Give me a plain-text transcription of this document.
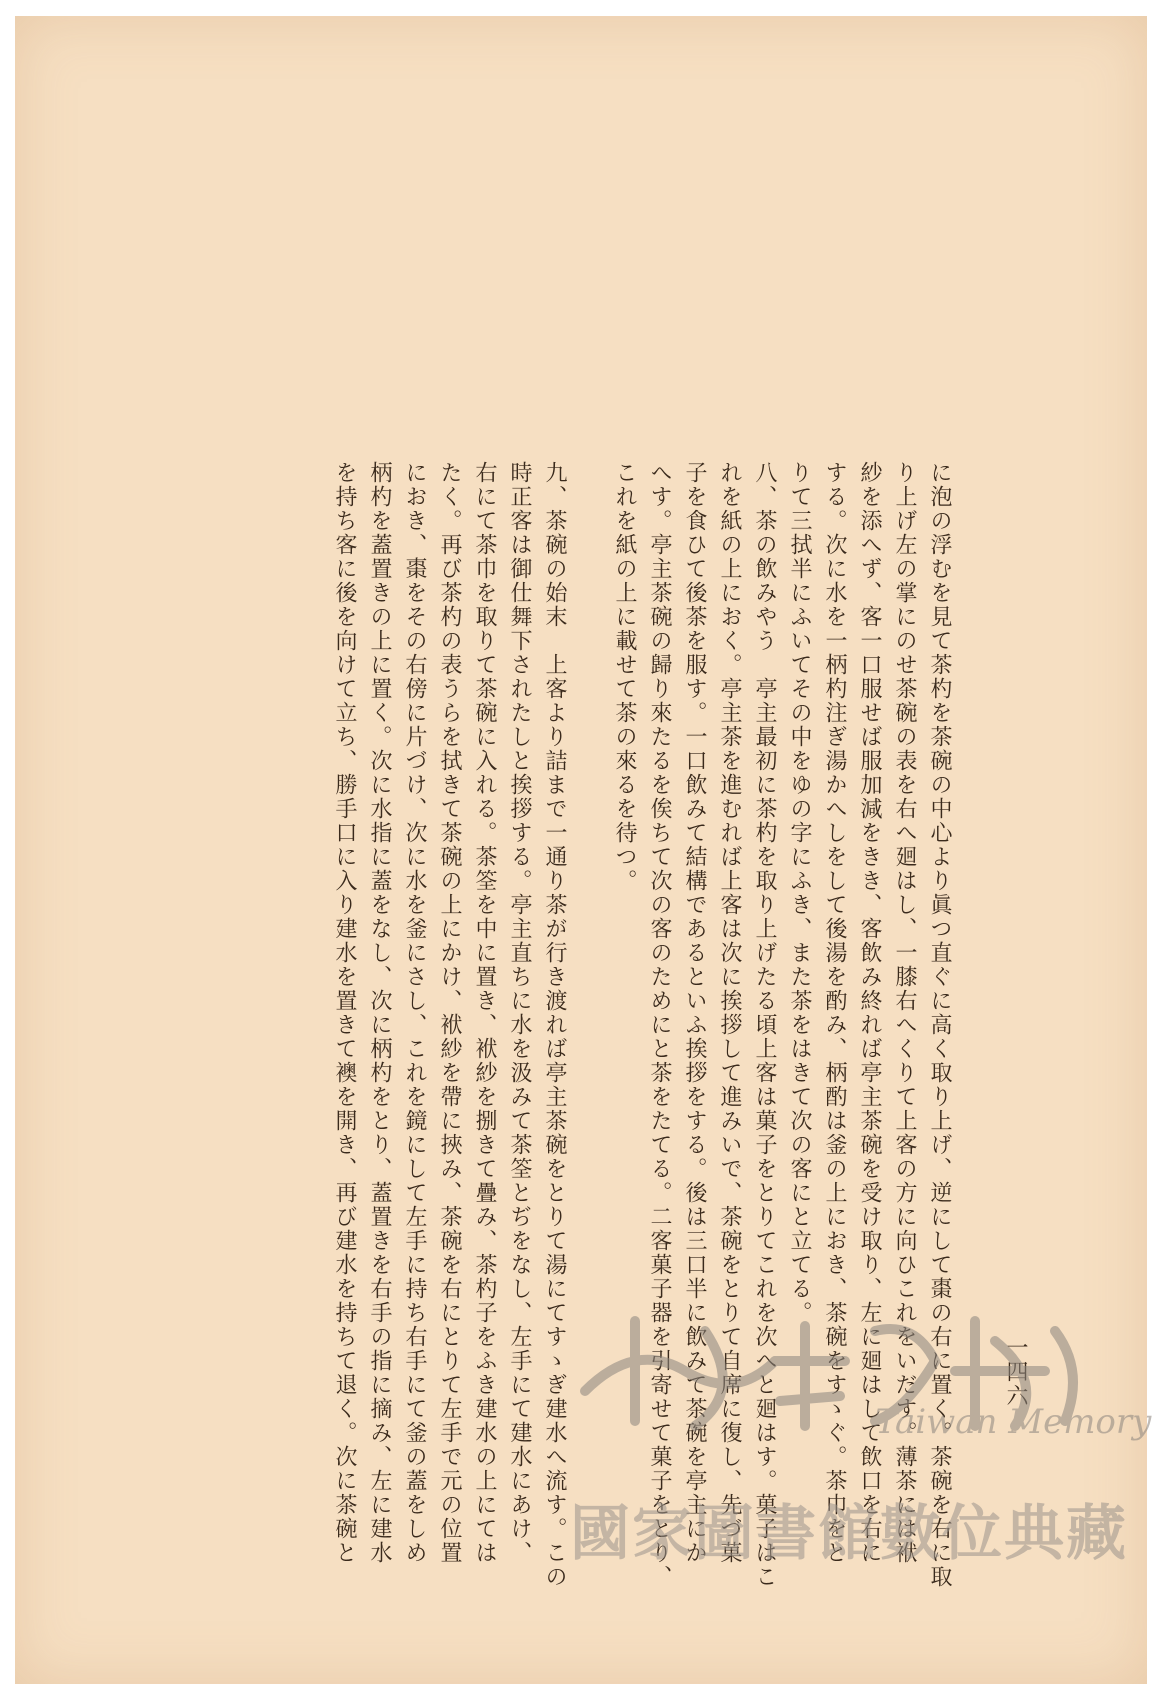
に泡の浮むを見て茶杓を茶碗の中心より眞つ直ぐに高く取り上げ、逆にして棗の右に置く。茶碗を右に取
り上げ左の掌にのせ茶碗の表を右へ廻はし、一膝右へくりて上客の方に向ひこれをいだす。薄茶には袱
紗を添へず、客一口服せば服加減をきき、客飲み終れば亭主茶碗を受け取り、左に廻はして飲口を右に
する。次に水を一柄杓注ぎ湯かへしをして後湯を酌み、柄酌は釜の上におき、茶碗をすゝぐ。茶巾をと
りて三拭半にふいてその中をゆの字にふき、また茶をはきて次の客にと立てる。
八、茶の飲みやう　亭主最初に茶杓を取り上げたる頃上客は菓子をとりてこれを次へと廻はす。菓子はこ
れを紙の上におく。亭主茶を進むれば上客は次に挨拶して進みいで、茶碗をとりて自席に復し、先づ菓
子を食ひて後茶を服す。一口飲みて結構であるといふ挨拶をする。後は三口半に飲みて茶碗を亭主にか
へす。亭主茶碗の歸り來たるを俟ちて次の客のためにと茶をたてる。二客菓子器を引寄せて菓子をとり、
これを紙の上に載せて茶の來るを待つ。

九、茶碗の始末　上客より詰まで一通り茶が行き渡れば亭主茶碗をとりて湯にてすゝぎ建水へ流す。この
時正客は御仕舞下されたしと挨拶する。亭主直ちに水を汲みて茶筌とぢをなし、左手にて建水にあけ、
右にて茶巾を取りて茶碗に入れる。茶筌を中に置き、袱紗を捌きて疊み、茶杓子をふき建水の上にては
たく。再び茶杓の表うらを拭きて茶碗の上にかけ、袱紗を帶に挾み、茶碗を右にとりて左手で元の位置
におき、棗をその右傍に片づけ、次に水を釜にさし、これを鏡にして左手に持ち右手にて釜の蓋をしめ
柄杓を蓋置きの上に置く。次に水指に蓋をなし、次に柄杓をとり、蓋置きを右手の指に摘み、左に建水
を持ち客に後を向けて立ち、勝手口に入り建水を置きて襖を開き、再び建水を持ちて退く。次に茶碗と	一四六
Taiwan Memory
國家圖書館數位典藏
